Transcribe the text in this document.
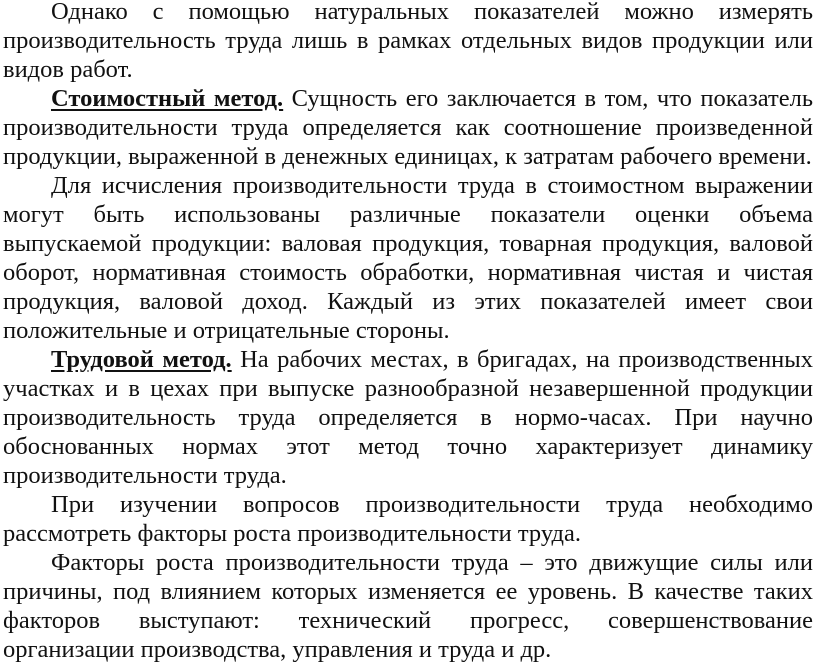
Однако с помощью натуральных показателей можно измерять производительность труда лишь в рамках отдельных видов продукции или видов работ.

Стоимостный метод. Сущность его заключается в том, что показатель производительности труда определяется как соотношение произведенной продукции, выраженной в денежных единицах, к затратам рабочего времени.

Для исчисления производительности труда в стоимостном выражении могут быть использованы различные показатели оценки объема выпускаемой продукции: валовая продукция, товарная продукция, валовой оборот, нормативная стоимость обработки, нормативная чистая и чистая продукция, валовой доход. Каждый из этих показателей имеет свои положительные и отрицательные стороны.

Трудовой метод. На рабочих местах, в бригадах, на производственных участках и в цехах при выпуске разнообразной незавершенной продукции производительность труда определяется в нормо-часах. При научно обоснованных нормах этот метод точно характеризует динамику производительности труда.

При изучении вопросов производительности труда необходимо рассмотреть факторы роста производительности труда.

Факторы роста производительности труда – это движущие силы или причины, под влиянием которых изменяется ее уровень. В качестве таких факторов выступают: технический прогресс, совершенствование организации производства, управления и труда и др.
